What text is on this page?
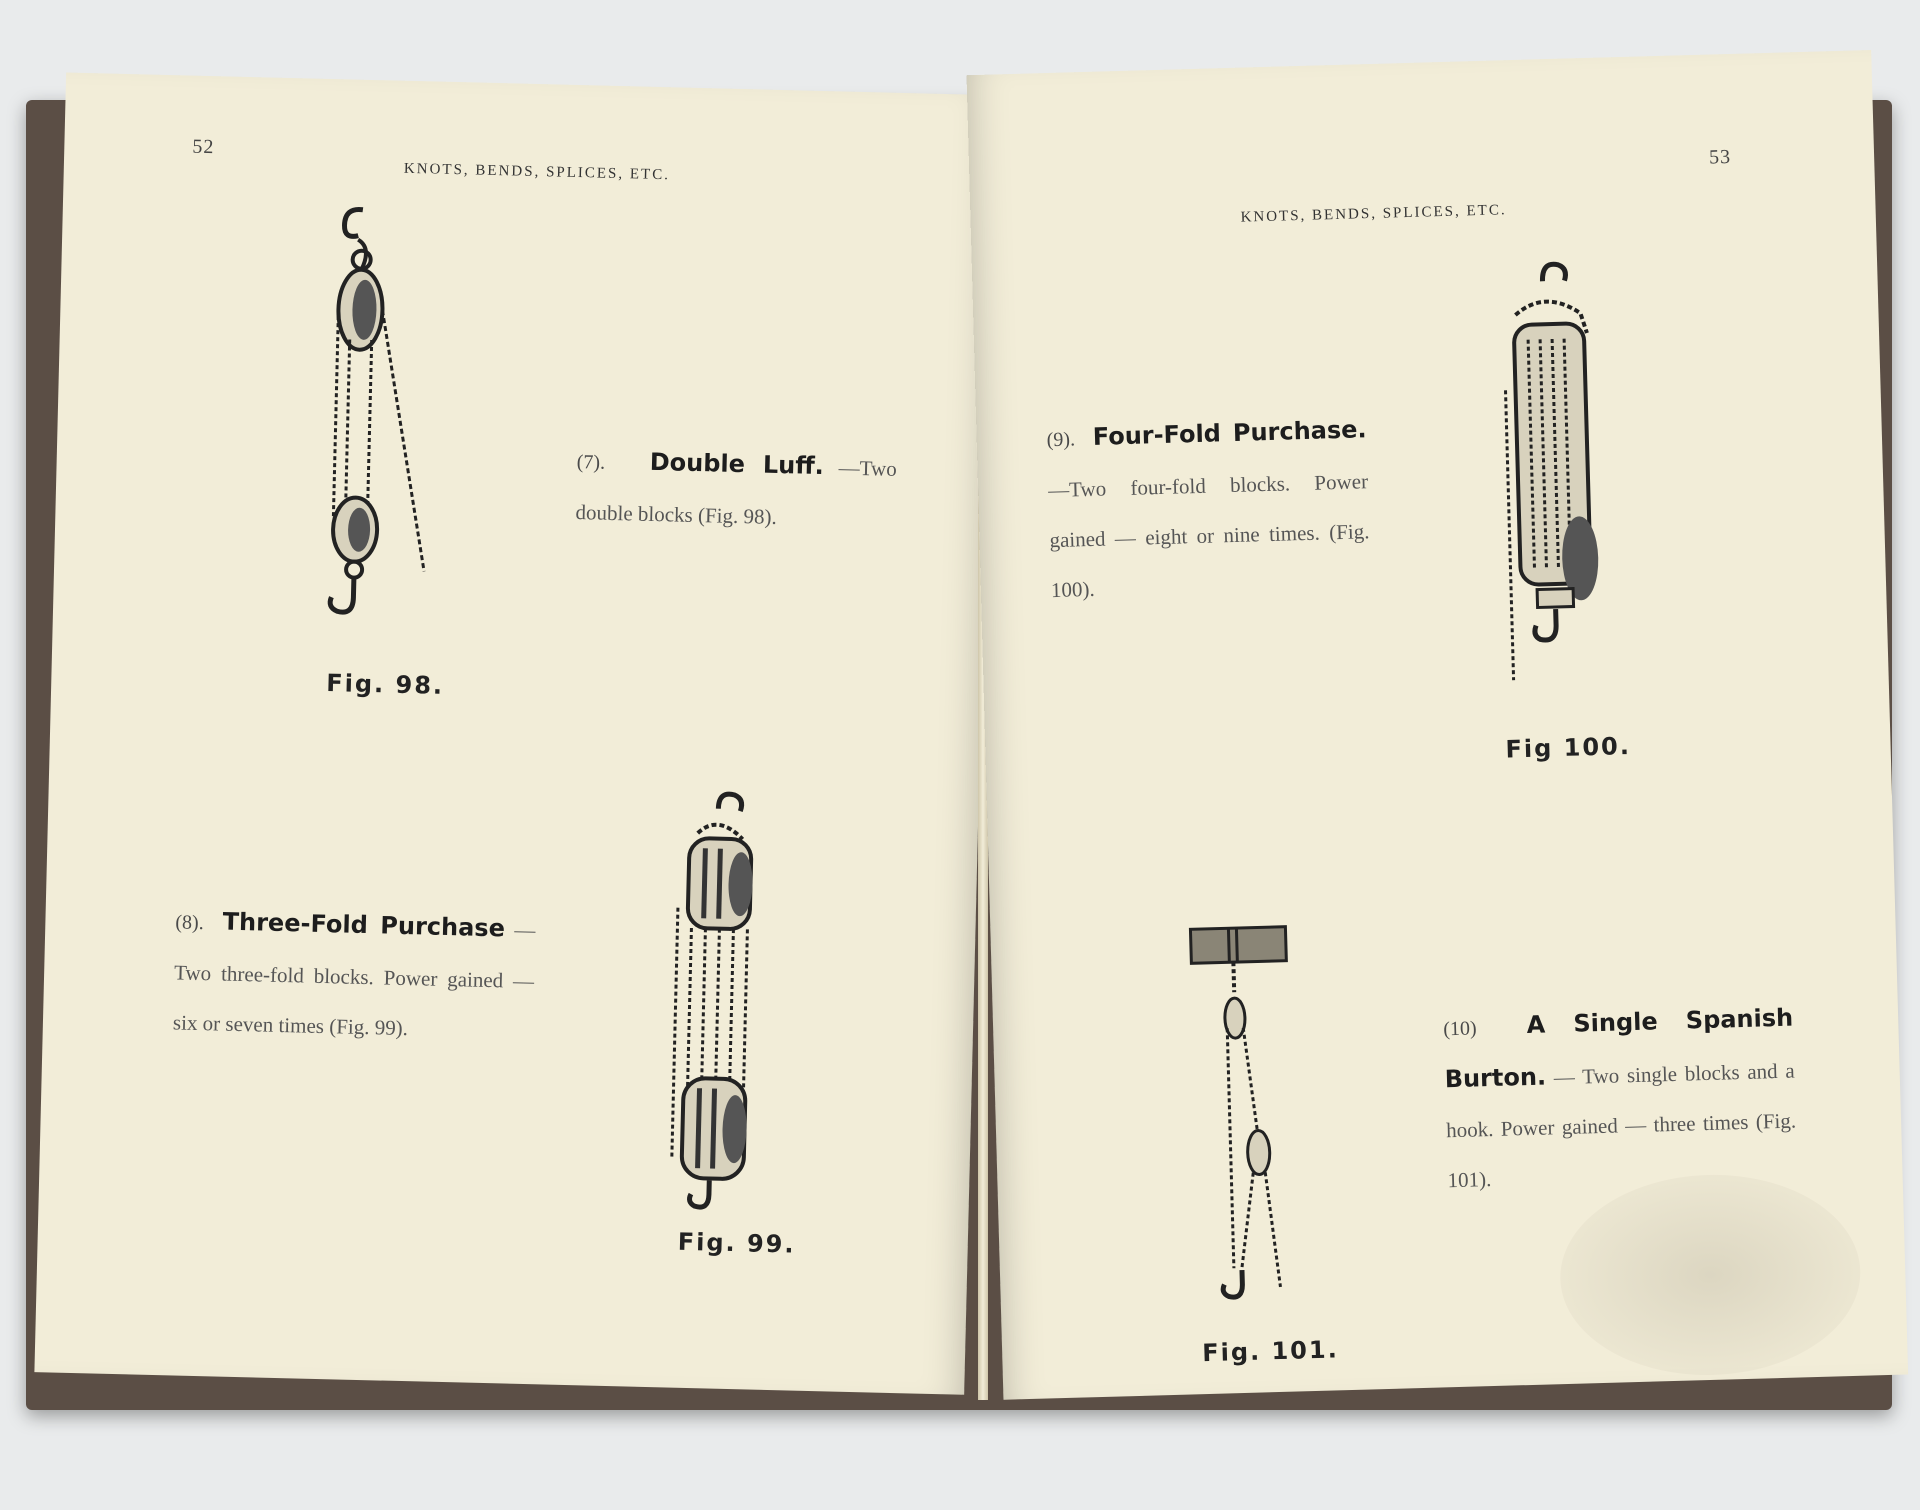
52
KNOTS, BENDS, SPLICES, ETC.
Fig. 98.
(7). Double Luff. —Two double blocks (Fig. 98).
(8). Three-Fold Purchase —Two three-fold blocks. Power gained — six or seven times (Fig. 99).
Fig. 99.
53
KNOTS, BENDS, SPLICES, ETC.
(9). Four-Fold Purchase. —Two four-fold blocks. Power gained — eight or nine times. (Fig. 100).
Fig 100.
Fig. 101.
(10) A Single Spanish Burton. — Two single blocks and a hook. Power gained — three times (Fig. 101).
